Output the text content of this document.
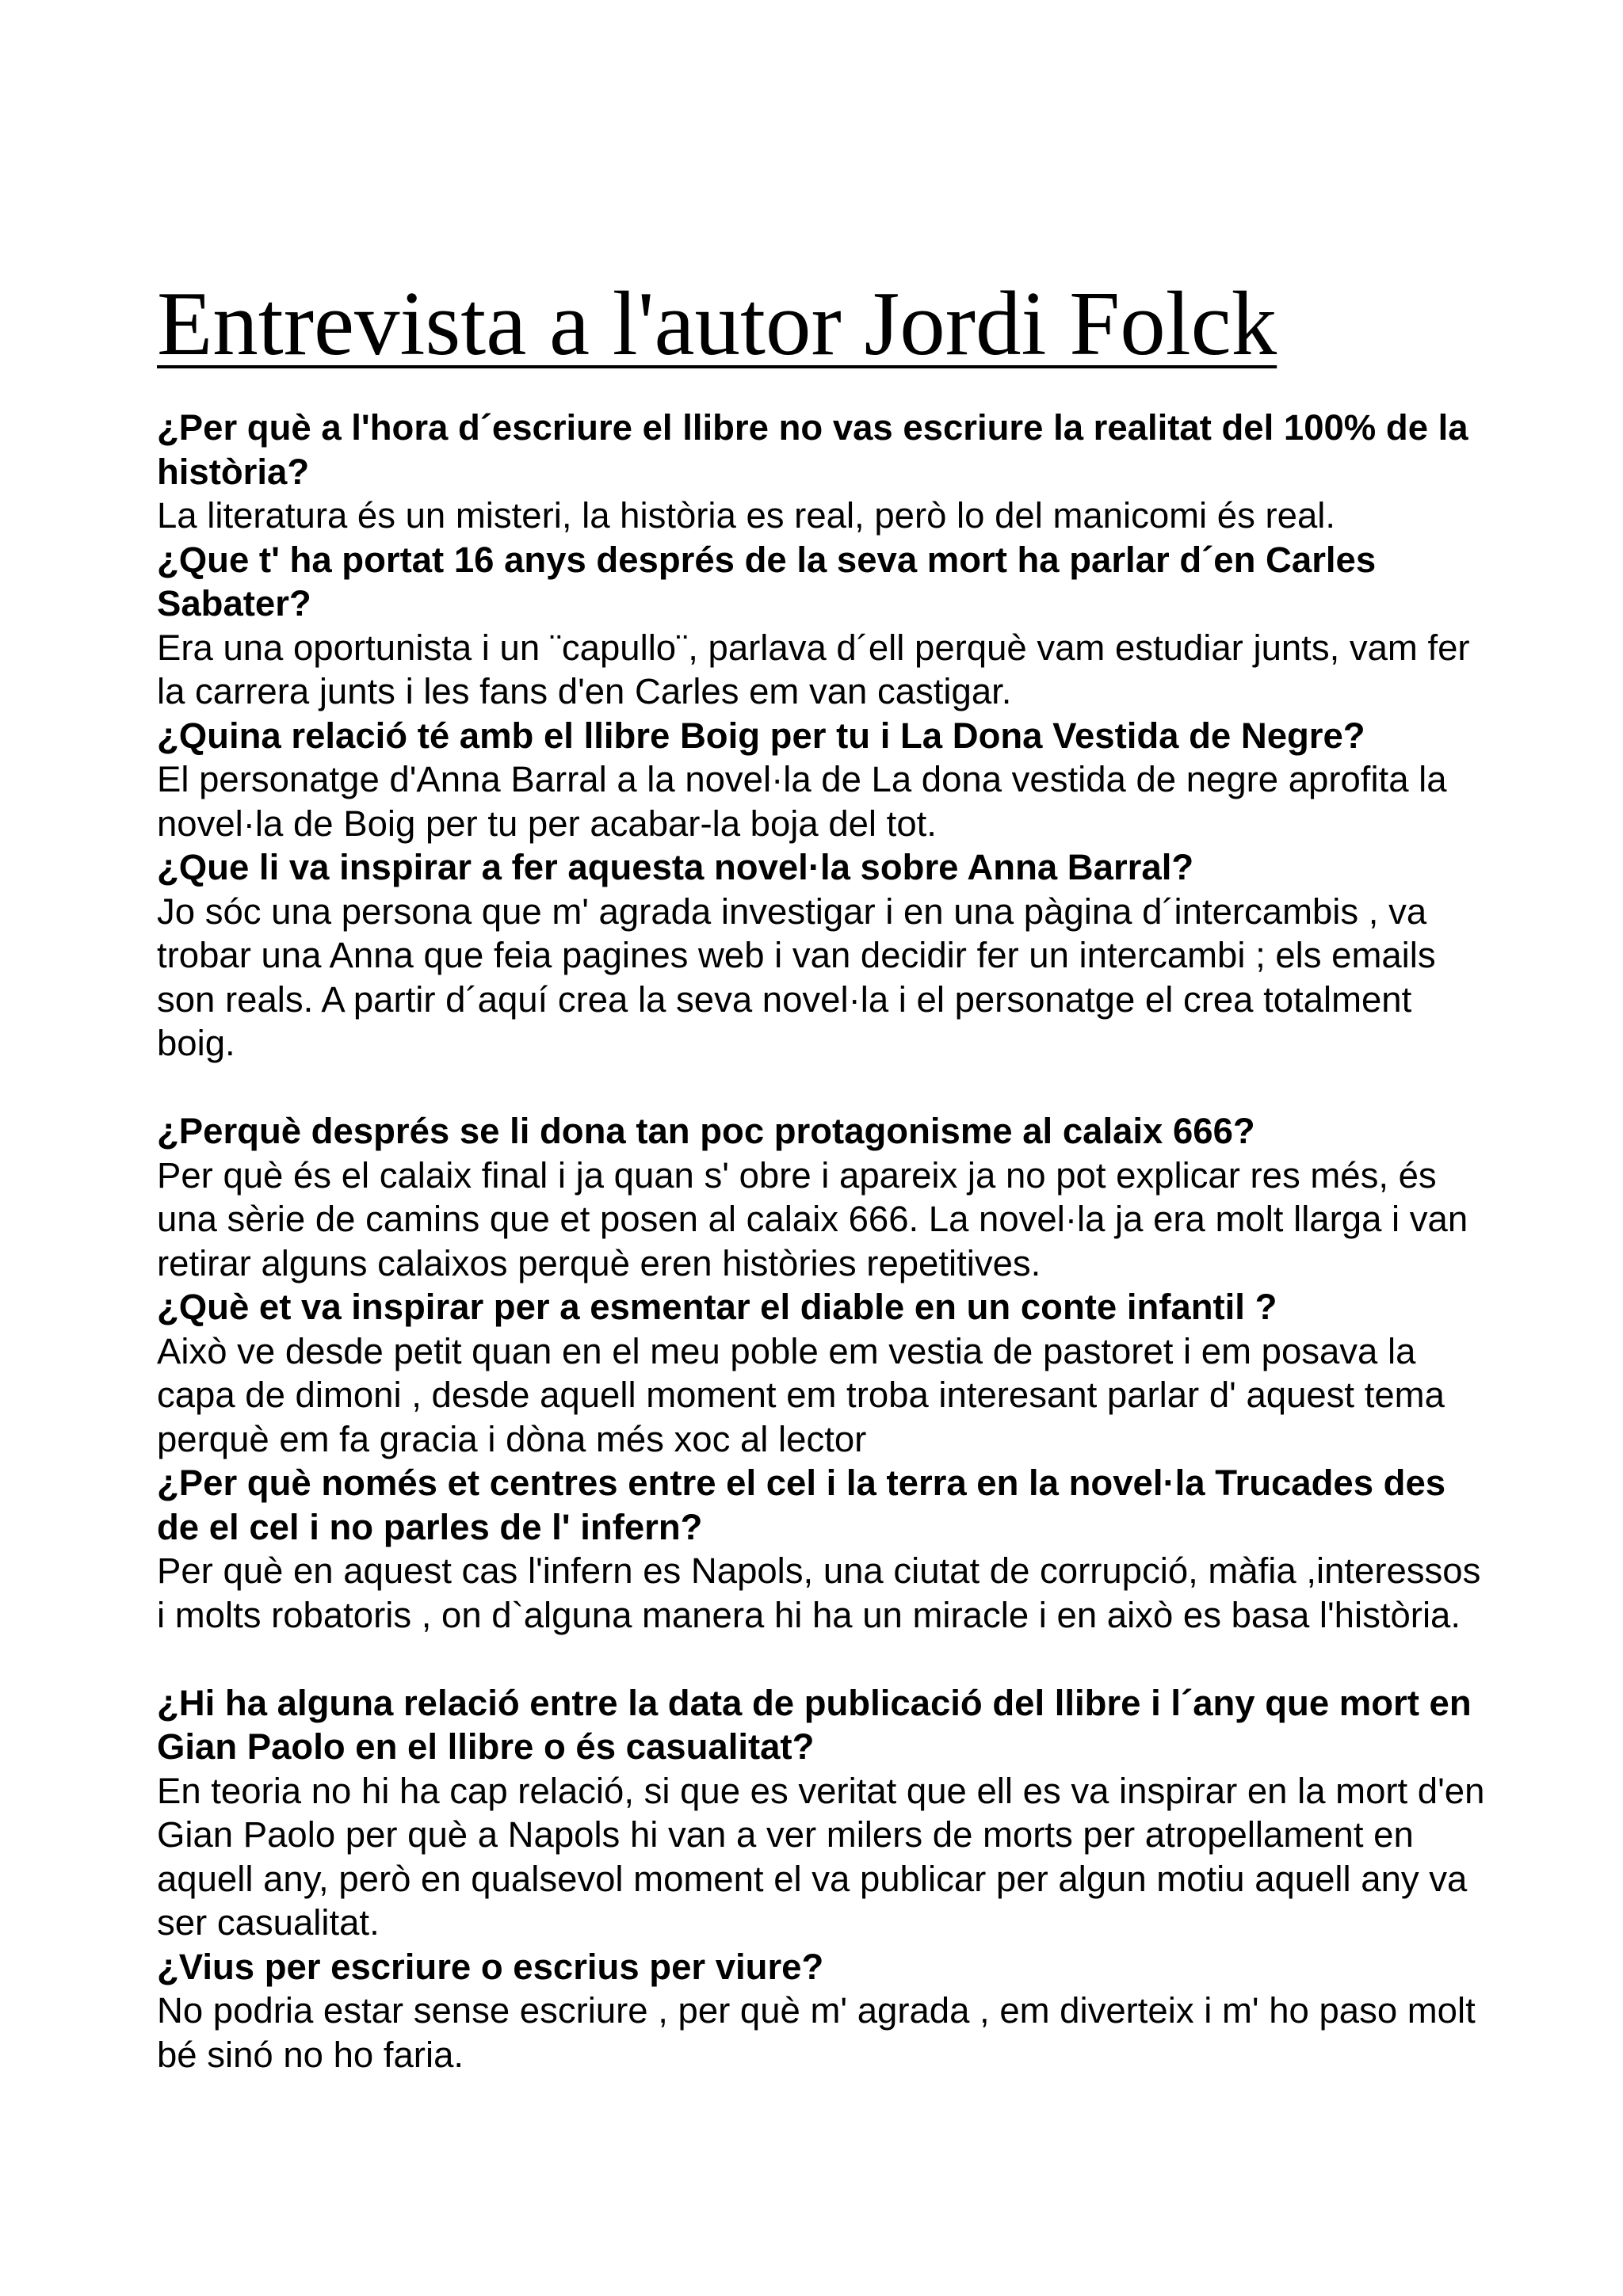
Entrevista a l'autor Jordi Folck

¿Per què a l'hora d´escriure el llibre no vas escriure la realitat del 100% de la història?

La literatura és un misteri, la història es real, però lo del manicomi és real.

¿Que t' ha portat 16 anys després de la seva mort ha parlar d´en Carles Sabater?

Era una oportunista i un ¨capullo¨, parlava d´ell perquè vam estudiar junts, vam fer la carrera junts i les fans d'en Carles em van castigar.

¿Quina relació té amb el llibre Boig per tu i La Dona Vestida de Negre?

El personatge d'Anna Barral a la novel·la de La dona vestida de negre aprofita la novel·la de Boig per tu per acabar-la boja del tot.

¿Que li va inspirar a fer aquesta novel·la sobre Anna Barral?

Jo sóc una persona que m' agrada investigar i en una pàgina d´intercambis , va trobar una Anna que feia pagines web i van decidir fer un intercambi ; els emails son reals. A partir d´aquí crea la seva novel·la i el personatge el crea totalment boig.

¿Perquè després se li dona tan poc protagonisme al calaix 666?

Per què és el calaix final i ja quan s' obre i apareix ja no pot explicar res més, és una sèrie de camins que et posen al calaix 666. La novel·la ja era molt llarga i van retirar alguns calaixos perquè eren històries repetitives.

¿Què et va inspirar per a esmentar el diable en un conte infantil ?

Això ve desde petit quan en el meu poble em vestia de pastoret i em posava la capa de dimoni , desde aquell moment em troba interesant parlar d' aquest tema perquè em fa gracia i dòna més xoc al lector

¿Per què només et centres entre el cel i la terra en la novel·la Trucades des de el cel i no parles de l' infern?

Per què en aquest cas l'infern es Napols, una ciutat de corrupció, màfia ,interessos i molts robatoris , on d`alguna manera hi ha un miracle i en això es basa l'història.

¿Hi ha alguna relació entre la data de publicació del llibre i l´any que mort en Gian Paolo en el llibre o és casualitat?

En teoria no hi ha cap relació, si que es veritat que ell es va inspirar en la mort d'en Gian Paolo per què a Napols hi van a ver milers de morts per atropellament en aquell any, però en qualsevol moment el va publicar per algun motiu aquell any va ser casualitat.

¿Vius per escriure o escrius per viure?

No podria estar sense escriure , per què m' agrada , em diverteix i m' ho paso molt bé sinó no ho faria.
